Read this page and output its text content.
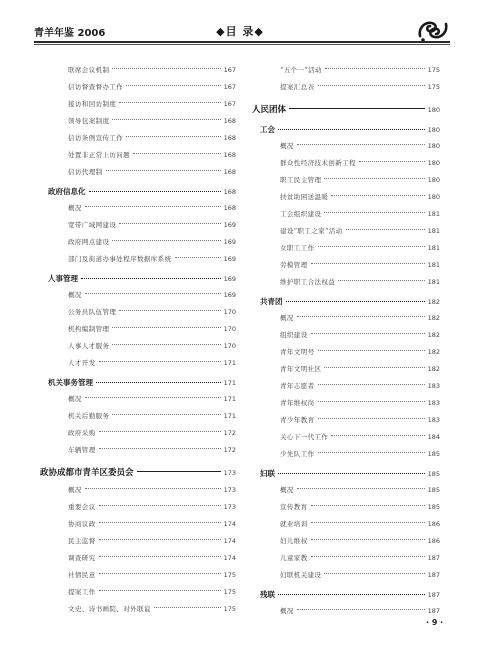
青羊年鉴 2006	◆目 录◆
联席会议机制	167
信访督查督办工作	167
接访和回访制度	167
领导包案制度	168
信访条例宣传工作	168
处置非正常上访问题	168
信访代理制	168
政府信息化	168
概况	168
宽带广域网建设	169
政府网点建设	169
部门及街道办事处程序数据库系统	169
人事管理	169
概况	169
公务员队伍管理	170
机构编制管理	170
人事人才服务	170
人才开发	171
机关事务管理	171
概况	171
机关后勤服务	171
政府采购	172
车辆管理	172
政协成都市青羊区委员会	173
概况	173
重要会议	173
协商议政	174
民主监督	174
调查研究	174
社情民意	175
提案工作	175
文史、诗书画院、对外联谊	175
“五个一”活动	175
提案汇总表	175
人民团体	180
工会	180
概况	180
群众性经济技术创新工程	180
职工民主管理	180
扶贫助困送温暖	180
工会组织建设	181
建设“职工之家”活动	181
女职工工作	181
劳模管理	181
维护职工合法权益	181
共青团	182
概况	182
组织建设	182
青年文明号	182
青年文明社区	182
青年志愿者	183
青年维权岗	183
青少年教育	183
关心下一代工作	184
少先队工作	185
妇联	185
概况	185
宣传教育	185
就业培训	186
妇儿维权	186
儿童家教	187
妇联机关建设	187
残联	187
概况	187
· 9 ·
